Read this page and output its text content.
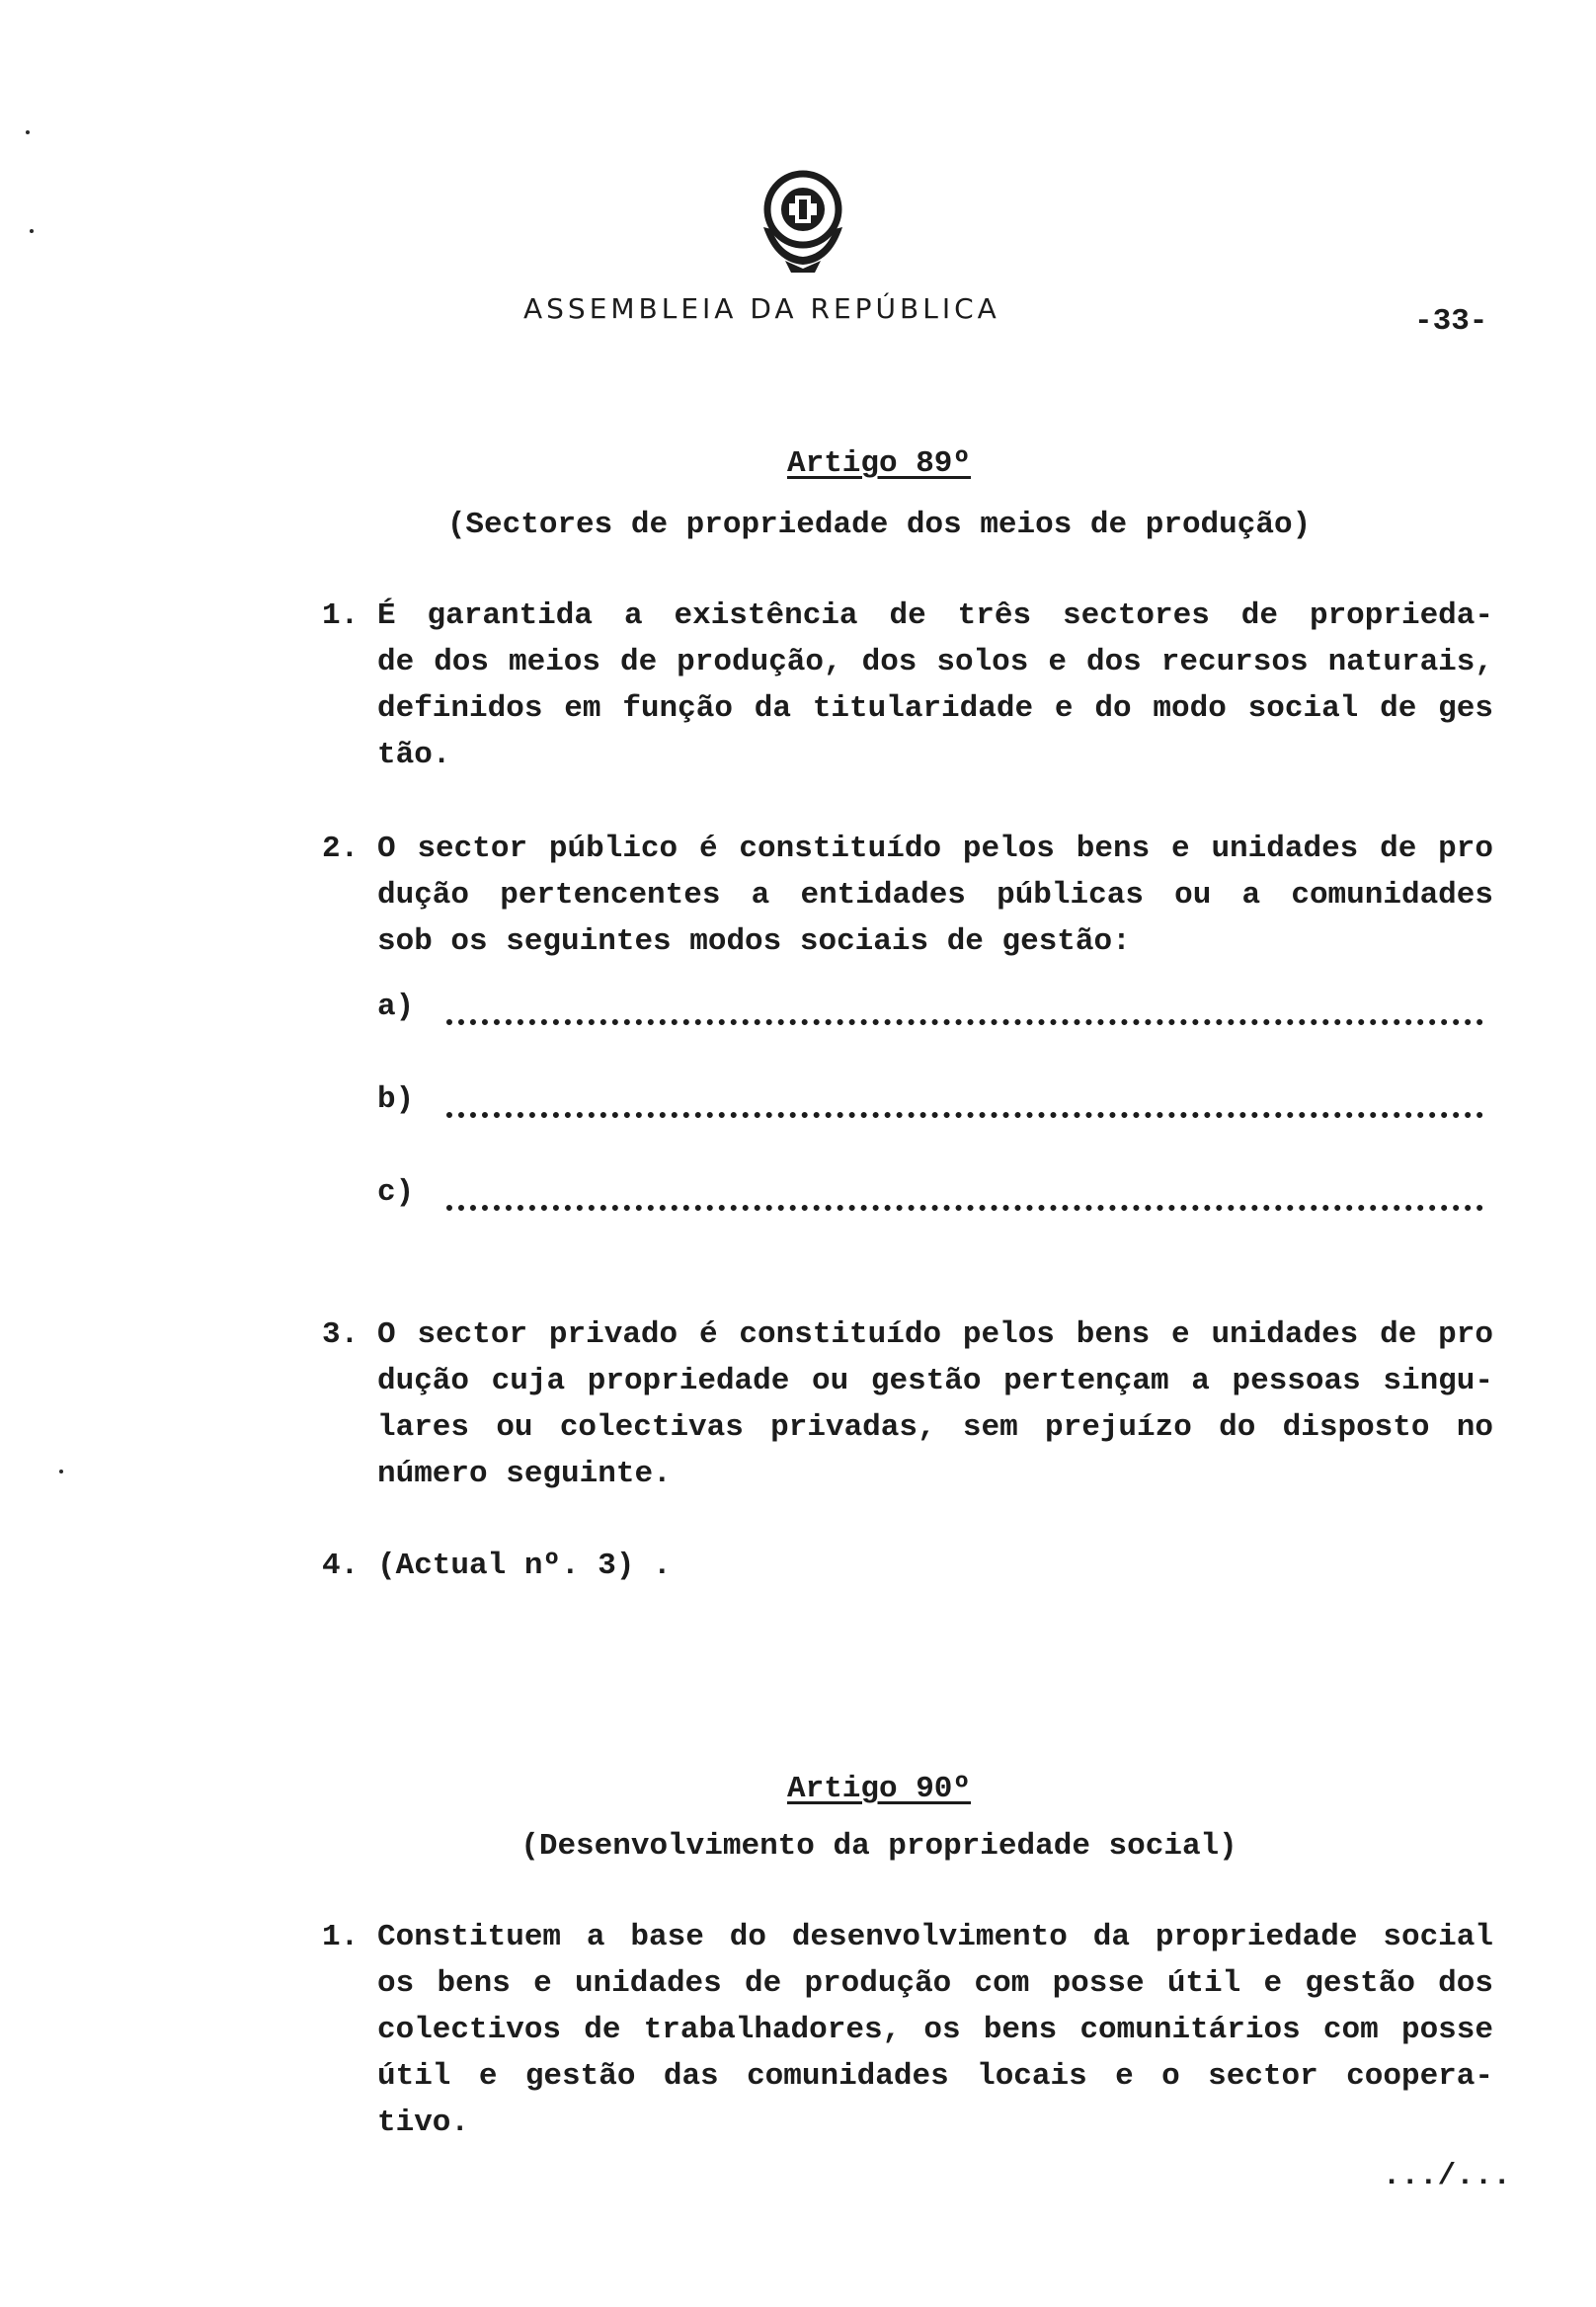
ASSEMBLEIA DA REPÚBLICA	-33-
Artigo 89º
(Sectores de propriedade dos meios de produção)
1. É garantida a existência de três sectores de proprieda-
de dos meios de produção, dos solos e dos recursos naturais,
definidos em função da titularidade e do modo social de ges
tão.
2. O sector público é constituído pelos bens e unidades de pro
dução pertencentes a entidades públicas ou a comunidades
sob os seguintes modos sociais de gestão:
a)
b)
c)
3. O sector privado é constituído pelos bens e unidades de pro
dução cuja propriedade ou gestão pertençam a pessoas singu-
lares ou colectivas privadas, sem prejuízo do disposto no
número seguinte.
4. (Actual nº. 3) .
Artigo 90º
(Desenvolvimento da propriedade social)
1. Constituem a base do desenvolvimento da propriedade social
os bens e unidades de produção com posse útil e gestão dos
colectivos de trabalhadores, os bens comunitários com posse
útil e gestão das comunidades locais e o sector coopera-
tivo.
.../...
